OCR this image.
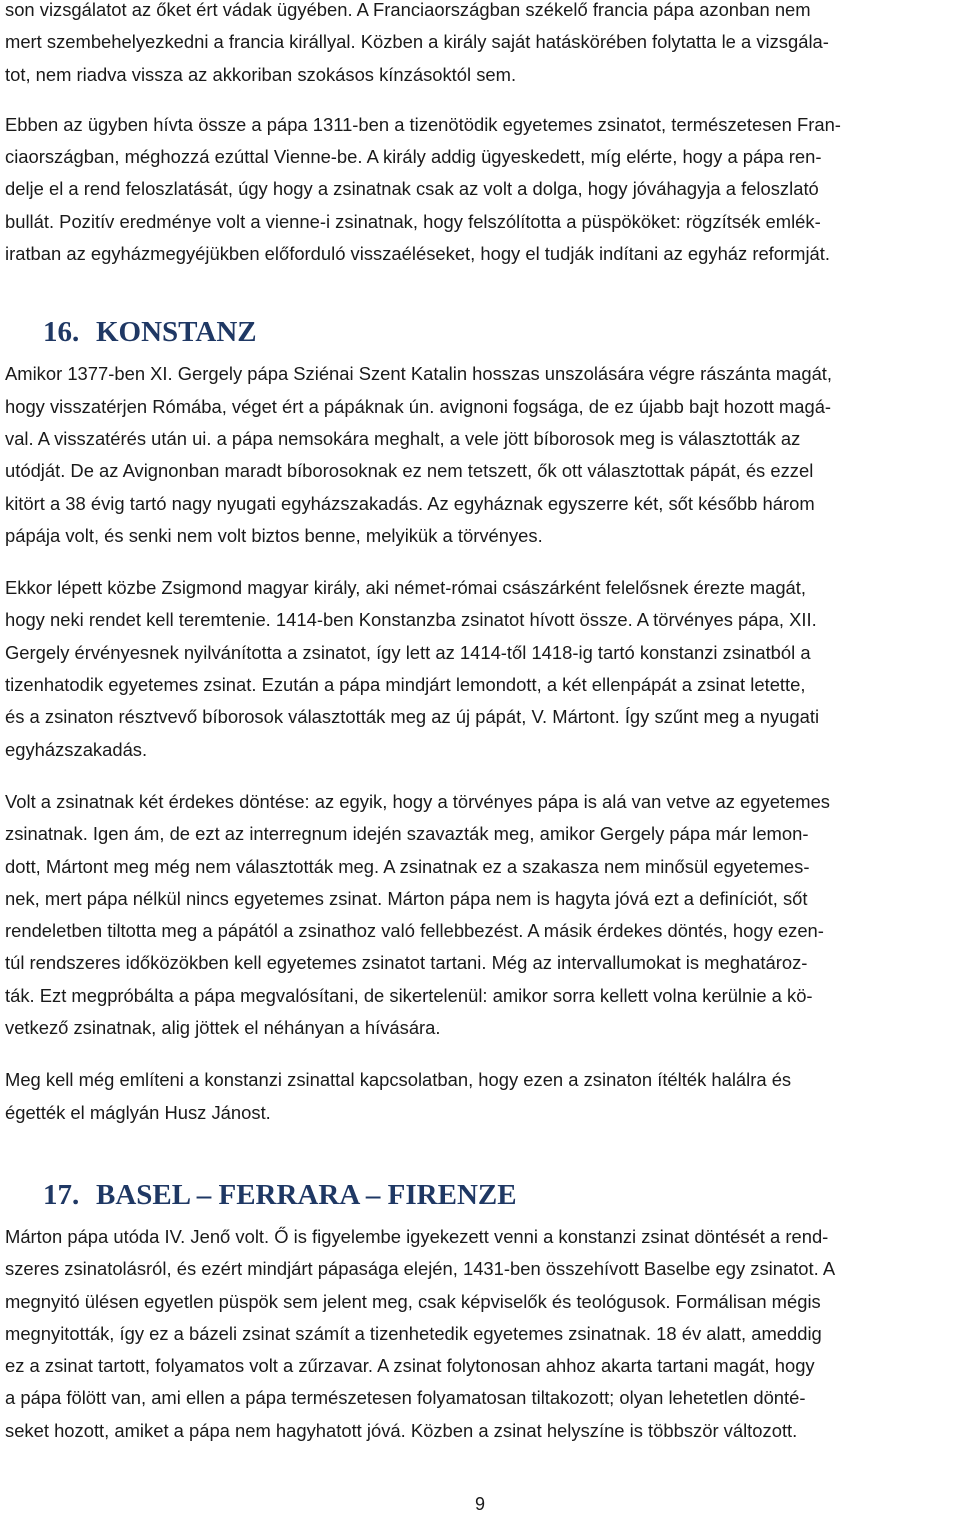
son vizsgálatot az őket ért vádak ügyében. A Franciaországban székelő francia pápa azonban nem
mert szembehelyezkedni a francia királlyal. Közben a király saját hatáskörében folytatta le a vizsgála-
tot, nem riadva vissza az akkoriban szokásos kínzásoktól sem.

Ebben az ügyben hívta össze a pápa 1311-ben a tizenötödik egyetemes zsinatot, természetesen Fran-
ciaországban, méghozzá ezúttal Vienne-be. A király addig ügyeskedett, míg elérte, hogy a pápa ren-
delje el a rend feloszlatását, úgy hogy a zsinatnak csak az volt a dolga, hogy jóváhagyja a feloszlató
bullát. Pozitív eredménye volt a vienne-i zsinatnak, hogy felszólította a püspököket: rögzítsék emlék-
iratban az egyházmegyéjükben előforduló visszaéléseket, hogy el tudják indítani az egyház reformját.

16. KONSTANZ

Amikor 1377-ben XI. Gergely pápa Sziénai Szent Katalin hosszas unszolására végre rászánta magát,
hogy visszatérjen Rómába, véget ért a pápáknak ún. avignoni fogsága, de ez újabb bajt hozott magá-
val. A visszatérés után ui. a pápa nemsokára meghalt, a vele jött bíborosok meg is választották az
utódját. De az Avignonban maradt bíborosoknak ez nem tetszett, ők ott választottak pápát, és ezzel
kitört a 38 évig tartó nagy nyugati egyházszakadás. Az egyháznak egyszerre két, sőt később három
pápája volt, és senki nem volt biztos benne, melyikük a törvényes.

Ekkor lépett közbe Zsigmond magyar király, aki német-római császárként felelősnek érezte magát,
hogy neki rendet kell teremtenie. 1414-ben Konstanzba zsinatot hívott össze. A törvényes pápa, XII.
Gergely érvényesnek nyilvánította a zsinatot, így lett az 1414-től 1418-ig tartó konstanzi zsinatból a
tizenhatodik egyetemes zsinat. Ezután a pápa mindjárt lemondott, a két ellenpápát a zsinat letette,
és a zsinaton résztvevő bíborosok választották meg az új pápát, V. Mártont. Így szűnt meg a nyugati
egyházszakadás.

Volt a zsinatnak két érdekes döntése: az egyik, hogy a törvényes pápa is alá van vetve az egyetemes
zsinatnak. Igen ám, de ezt az interregnum idején szavazták meg, amikor Gergely pápa már lemon-
dott, Mártont meg még nem választották meg. A zsinatnak ez a szakasza nem minősül egyetemes-
nek, mert pápa nélkül nincs egyetemes zsinat. Márton pápa nem is hagyta jóvá ezt a definíciót, sőt
rendeletben tiltotta meg a pápától a zsinathoz való fellebbezést. A másik érdekes döntés, hogy ezen-
túl rendszeres időközökben kell egyetemes zsinatot tartani. Még az intervallumokat is meghatároz-
ták. Ezt megpróbálta a pápa megvalósítani, de sikertelenül: amikor sorra kellett volna kerülnie a kö-
vetkező zsinatnak, alig jöttek el néhányan a hívására.

Meg kell még említeni a konstanzi zsinattal kapcsolatban, hogy ezen a zsinaton ítélték halálra és
égették el máglyán Husz Jánost.

17. BASEL – FERRARA – FIRENZE

Márton pápa utóda IV. Jenő volt. Ő is figyelembe igyekezett venni a konstanzi zsinat döntését a rend-
szeres zsinatolásról, és ezért mindjárt pápasága elején, 1431-ben összehívott Baselbe egy zsinatot. A
megnyitó ülésen egyetlen püspök sem jelent meg, csak képviselők és teológusok. Formálisan mégis
megnyitották, így ez a bázeli zsinat számít a tizenhetedik egyetemes zsinatnak. 18 év alatt, ameddig
ez a zsinat tartott, folyamatos volt a zűrzavar. A zsinat folytonosan ahhoz akarta tartani magát, hogy
a pápa fölött van, ami ellen a pápa természetesen folyamatosan tiltakozott; olyan lehetetlen dönté-
seket hozott, amiket a pápa nem hagyhatott jóvá. Közben a zsinat helyszíne is többször változott.

9
